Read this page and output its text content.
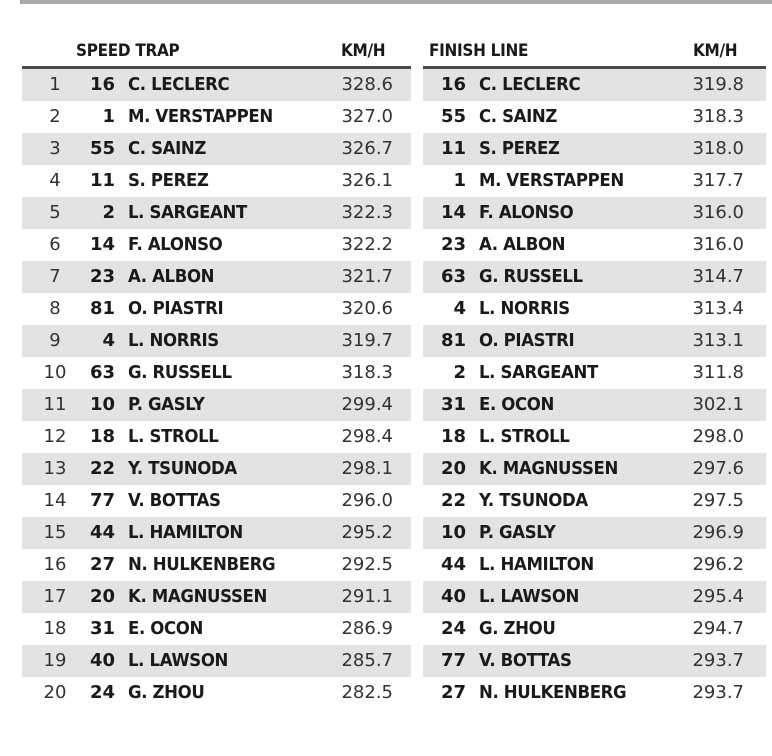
SPEED TRAP	KM/H
1	16 C. LECLERC	328.6
2	1 M. VERSTAPPEN	327.0
3	55 C. SAINZ	326.7
4	11 S. PEREZ	326.1
5	2 L. SARGEANT	322.3
6	14 F. ALONSO	322.2
7	23 A. ALBON	321.7
8	81 O. PIASTRI	320.6
9	4 L. NORRIS	319.7
10	63 G. RUSSELL	318.3
11	10 P. GASLY	299.4
12	18 L. STROLL	298.4
13	22 Y. TSUNODA	298.1
14	77 V. BOTTAS	296.0
15	44 L. HAMILTON	295.2
16	27 N. HULKENBERG	292.5
17	20 K. MAGNUSSEN	291.1
18	31 E. OCON	286.9
19	40 L. LAWSON	285.7
20	24 G. ZHOU	282.5
FINISH LINE	KM/H
16 C. LECLERC	319.8
55 C. SAINZ	318.3
11 S. PEREZ	318.0
1 M. VERSTAPPEN	317.7
14 F. ALONSO	316.0
23 A. ALBON	316.0
63 G. RUSSELL	314.7
4 L. NORRIS	313.4
81 O. PIASTRI	313.1
2 L. SARGEANT	311.8
31 E. OCON	302.1
18 L. STROLL	298.0
20 K. MAGNUSSEN	297.6
22 Y. TSUNODA	297.5
10 P. GASLY	296.9
44 L. HAMILTON	296.2
40 L. LAWSON	295.4
24 G. ZHOU	294.7
77 V. BOTTAS	293.7
27 N. HULKENBERG	293.7
